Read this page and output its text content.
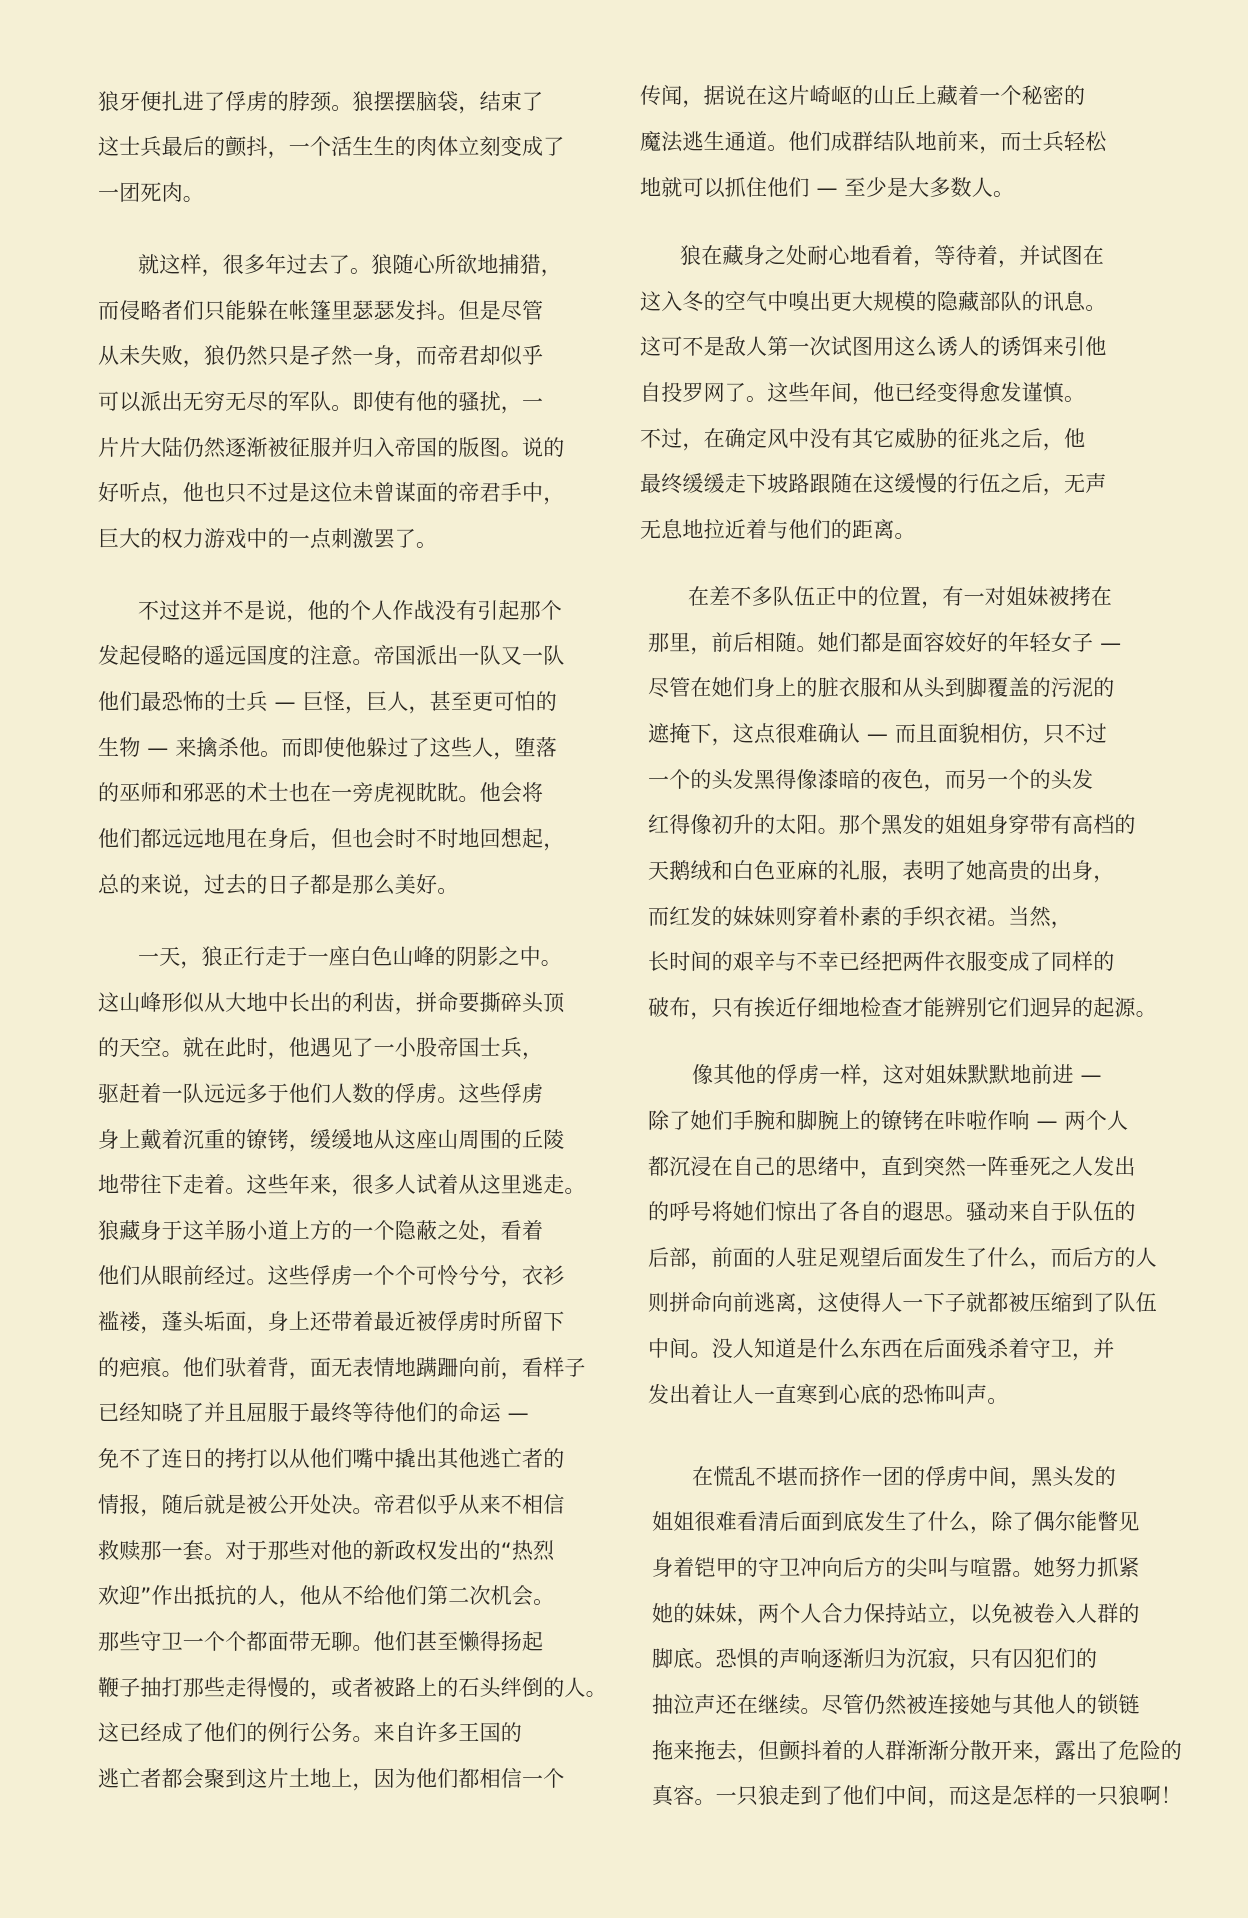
狼牙便扎进了俘虏的脖颈。狼摆摆脑袋，结束了
这士兵最后的颤抖，一个活生生的肉体立刻变成了
一团死肉。
就这样，很多年过去了。狼随心所欲地捕猎，
而侵略者们只能躲在帐篷里瑟瑟发抖。但是尽管
从未失败，狼仍然只是孑然一身，而帝君却似乎
可以派出无穷无尽的军队。即使有他的骚扰，一
片片大陆仍然逐渐被征服并归入帝国的版图。说的
好听点，他也只不过是这位未曾谋面的帝君手中，
巨大的权力游戏中的一点刺激罢了。
不过这并不是说，他的个人作战没有引起那个
发起侵略的遥远国度的注意。帝国派出一队又一队
他们最恐怖的士兵 — 巨怪，巨人，甚至更可怕的
生物 — 来擒杀他。而即使他躲过了这些人，堕落
的巫师和邪恶的术士也在一旁虎视眈眈。他会将
他们都远远地甩在身后，但也会时不时地回想起，
总的来说，过去的日子都是那么美好。
一天，狼正行走于一座白色山峰的阴影之中。
这山峰形似从大地中长出的利齿，拼命要撕碎头顶
的天空。就在此时，他遇见了一小股帝国士兵，
驱赶着一队远远多于他们人数的俘虏。这些俘虏
身上戴着沉重的镣铐，缓缓地从这座山周围的丘陵
地带往下走着。这些年来，很多人试着从这里逃走。
狼藏身于这羊肠小道上方的一个隐蔽之处，看着
他们从眼前经过。这些俘虏一个个可怜兮兮，衣衫
褴褛，蓬头垢面，身上还带着最近被俘虏时所留下
的疤痕。他们驮着背，面无表情地蹒跚向前，看样子
已经知晓了并且屈服于最终等待他们的命运 —
免不了连日的拷打以从他们嘴中撬出其他逃亡者的
情报，随后就是被公开处决。帝君似乎从来不相信
救赎那一套。对于那些对他的新政权发出的“热烈
欢迎”作出抵抗的人，他从不给他们第二次机会。
那些守卫一个个都面带无聊。他们甚至懒得扬起
鞭子抽打那些走得慢的，或者被路上的石头绊倒的人。
这已经成了他们的例行公务。来自许多王国的
逃亡者都会聚到这片土地上，因为他们都相信一个
传闻，据说在这片崎岖的山丘上藏着一个秘密的
魔法逃生通道。他们成群结队地前来，而士兵轻松
地就可以抓住他们 — 至少是大多数人。
狼在藏身之处耐心地看着，等待着，并试图在
这入冬的空气中嗅出更大规模的隐藏部队的讯息。
这可不是敌人第一次试图用这么诱人的诱饵来引他
自投罗网了。这些年间，他已经变得愈发谨慎。
不过，在确定风中没有其它威胁的征兆之后，他
最终缓缓走下坡路跟随在这缓慢的行伍之后，无声
无息地拉近着与他们的距离。
在差不多队伍正中的位置，有一对姐妹被拷在
那里，前后相随。她们都是面容姣好的年轻女子 —
尽管在她们身上的脏衣服和从头到脚覆盖的污泥的
遮掩下，这点很难确认 — 而且面貌相仿，只不过
一个的头发黑得像漆暗的夜色，而另一个的头发
红得像初升的太阳。那个黑发的姐姐身穿带有高档的
天鹅绒和白色亚麻的礼服，表明了她高贵的出身，
而红发的妹妹则穿着朴素的手织衣裙。当然，
长时间的艰辛与不幸已经把两件衣服变成了同样的
破布，只有挨近仔细地检查才能辨别它们迥异的起源。
像其他的俘虏一样，这对姐妹默默地前进 —
除了她们手腕和脚腕上的镣铐在咔啦作响 — 两个人
都沉浸在自己的思绪中，直到突然一阵垂死之人发出
的呼号将她们惊出了各自的遐思。骚动来自于队伍的
后部，前面的人驻足观望后面发生了什么，而后方的人
则拼命向前逃离，这使得人一下子就都被压缩到了队伍
中间。没人知道是什么东西在后面残杀着守卫，并
发出着让人一直寒到心底的恐怖叫声。
在慌乱不堪而挤作一团的俘虏中间，黑头发的
姐姐很难看清后面到底发生了什么，除了偶尔能瞥见
身着铠甲的守卫冲向后方的尖叫与喧嚣。她努力抓紧
她的妹妹，两个人合力保持站立，以免被卷入人群的
脚底。恐惧的声响逐渐归为沉寂，只有囚犯们的
抽泣声还在继续。尽管仍然被连接她与其他人的锁链
拖来拖去，但颤抖着的人群渐渐分散开来，露出了危险的
真容。一只狼走到了他们中间，而这是怎样的一只狼啊！
